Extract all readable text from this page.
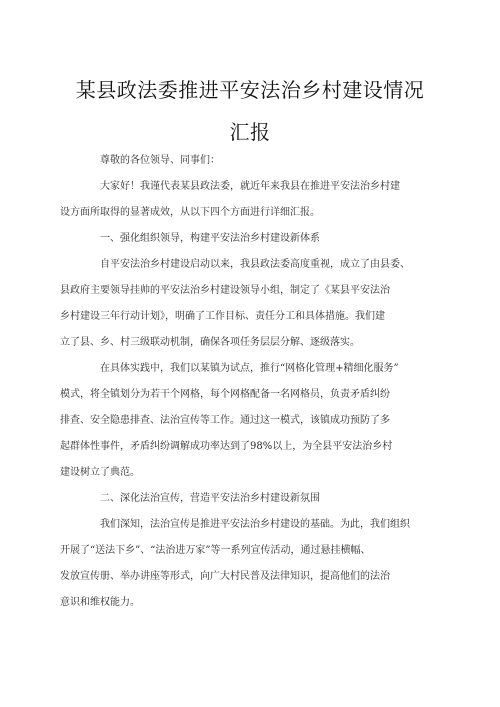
某县政法委推进平安法治乡村建设情况
汇报
尊敬的各位领导、同事们：
大家好！我谨代表某县政法委，就近年来我县在推进平安法治乡村建
设方面所取得的显著成效，从以下四个方面进行详细汇报。
一、强化组织领导，构建平安法治乡村建设新体系
自平安法治乡村建设启动以来，我县政法委高度重视，成立了由县委、
县政府主要领导挂帅的平安法治乡村建设领导小组，制定了《某县平安法治
乡村建设三年行动计划》，明确了工作目标、责任分工和具体措施。我们建
立了县、乡、村三级联动机制，确保各项任务层层分解、逐级落实。
在具体实践中，我们以某镇为试点，推行“网格化管理+精细化服务”
模式，将全镇划分为若干个网格，每个网格配备一名网格员，负责矛盾纠纷
排查、安全隐患排查、法治宣传等工作。通过这一模式，该镇成功预防了多
起群体性事件，矛盾纠纷调解成功率达到了98%以上，为全县平安法治乡村
建设树立了典范。
二、深化法治宣传，营造平安法治乡村建设新氛围
我们深知，法治宣传是推进平安法治乡村建设的基础。为此，我们组织
开展了“送法下乡”、“法治进万家”等一系列宣传活动，通过悬挂横幅、
发放宣传册、举办讲座等形式，向广大村民普及法律知识，提高他们的法治
意识和维权能力。
